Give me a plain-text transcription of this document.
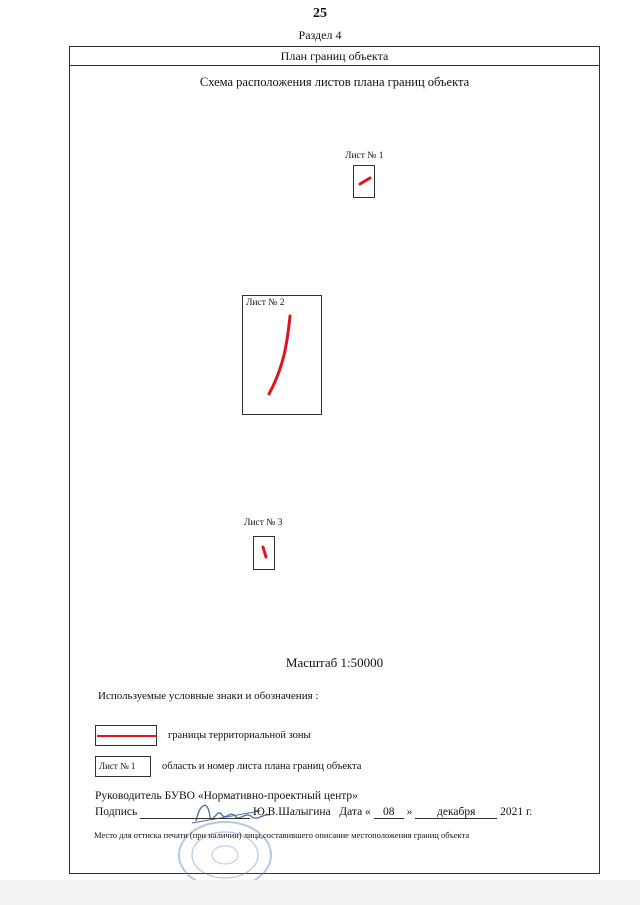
25
Раздел 4
План границ объекта
Схема расположения листов плана границ объекта
Лист № 1
Лист № 2
Лист № 3
Масштаб 1:50000
Используемые условные знаки и обозначения :
границы территориальной зоны
Лист № 1	область и номер листа плана границ объекта
Руководитель БУВО «Нормативно-проектный центр»
Подпись	Ю.В.Шалыгина Дата « 08 » декабря 2021 г.
Место для оттиска печати (при наличии) лица,составившего описание местоположения границ объекта
